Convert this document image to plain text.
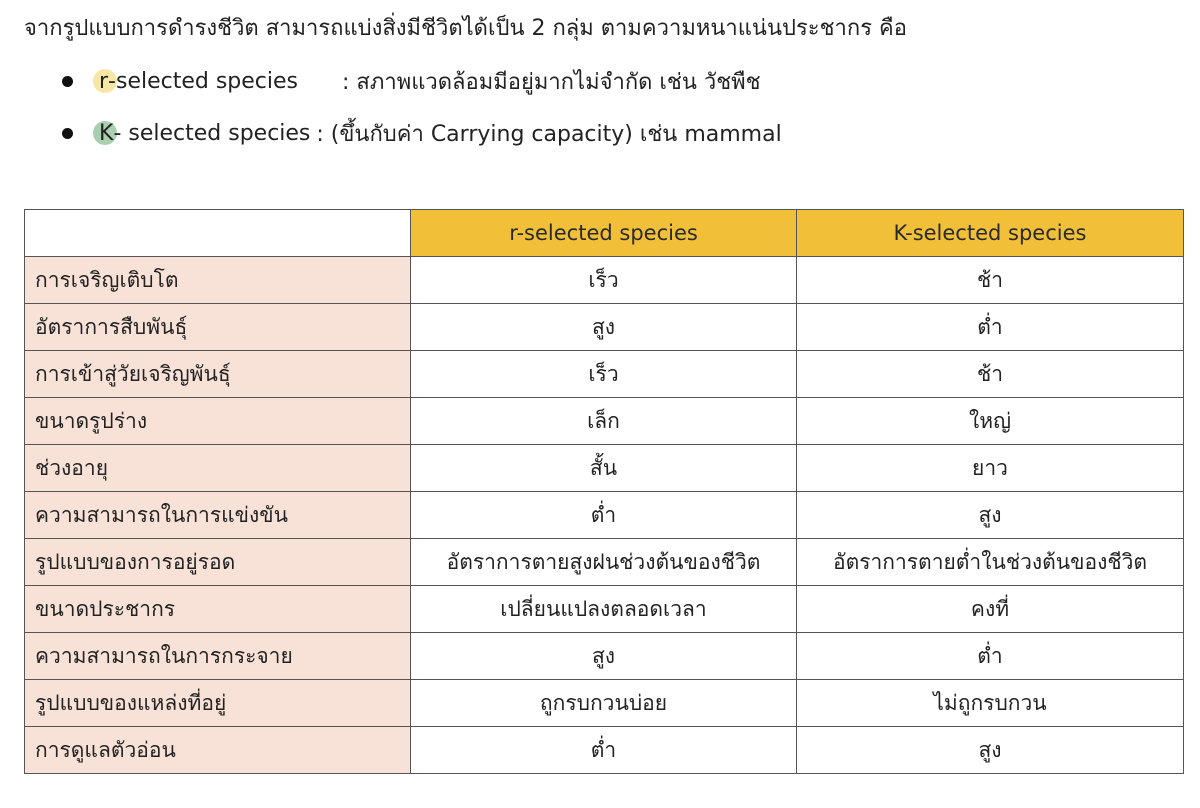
จากรูปแบบการดำรงชีวิต สามารถแบ่งสิ่งมีชีวิตได้เป็น 2 กลุ่ม ตามความหนาแน่นประชากร คือ
r -selected species : สภาพแวดล้อมมีอยู่มากไม่จำกัด เช่น วัชพืช
K - selected species : (ขึ้นกับค่า Carrying capacity) เช่น mammal
	r-selected species	K-selected species
การเจริญเติบโต	เร็ว	ช้า
อัตราการสืบพันธุ์	สูง	ต่ำ
การเข้าสู่วัยเจริญพันธุ์	เร็ว	ช้า
ขนาดรูปร่าง	เล็ก	ใหญ่
ช่วงอายุ	สั้น	ยาว
ความสามารถในการแข่งขัน	ต่ำ	สูง
รูปแบบของการอยู่รอด	อัตราการตายสูงฝนช่วงต้นของชีวิต	อัตราการตายต่ำในช่วงต้นของชีวิต
ขนาดประชากร	เปลี่ยนแปลงตลอดเวลา	คงที่
ความสามารถในการกระจาย	สูง	ต่ำ
รูปแบบของแหล่งที่อยู่	ถูกรบกวนบ่อย	ไม่ถูกรบกวน
การดูแลตัวอ่อน	ต่ำ	สูง
